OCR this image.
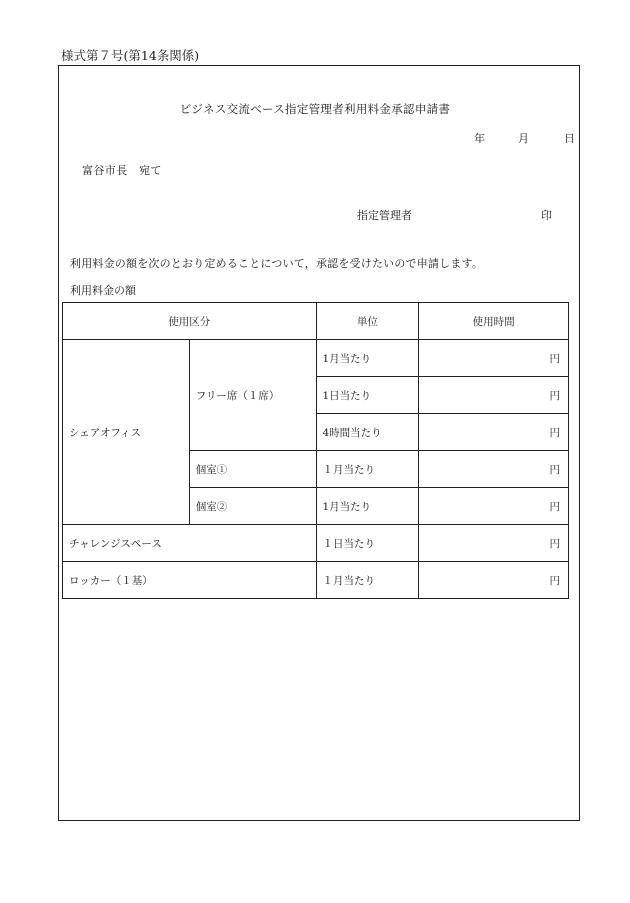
様式第７号(第14条関係)
ビジネス交流ベース指定管理者利用料金承認申請書
年	月	日
富谷市長　宛て
指定管理者	印
利用料金の額を次のとおり定めることについて，承認を受けたいので申請します。
利用料金の額
使用区分		単位	使用時間
シェアオフィス	フリー席（１席）	1月当たり	円
		1日当たり	円
		4時間当たり	円
	個室①	１月当たり	円
	個室②	1月当たり	円
チャレンジスペース		１日当たり	円
ロッカー（１基）		１月当たり	円
